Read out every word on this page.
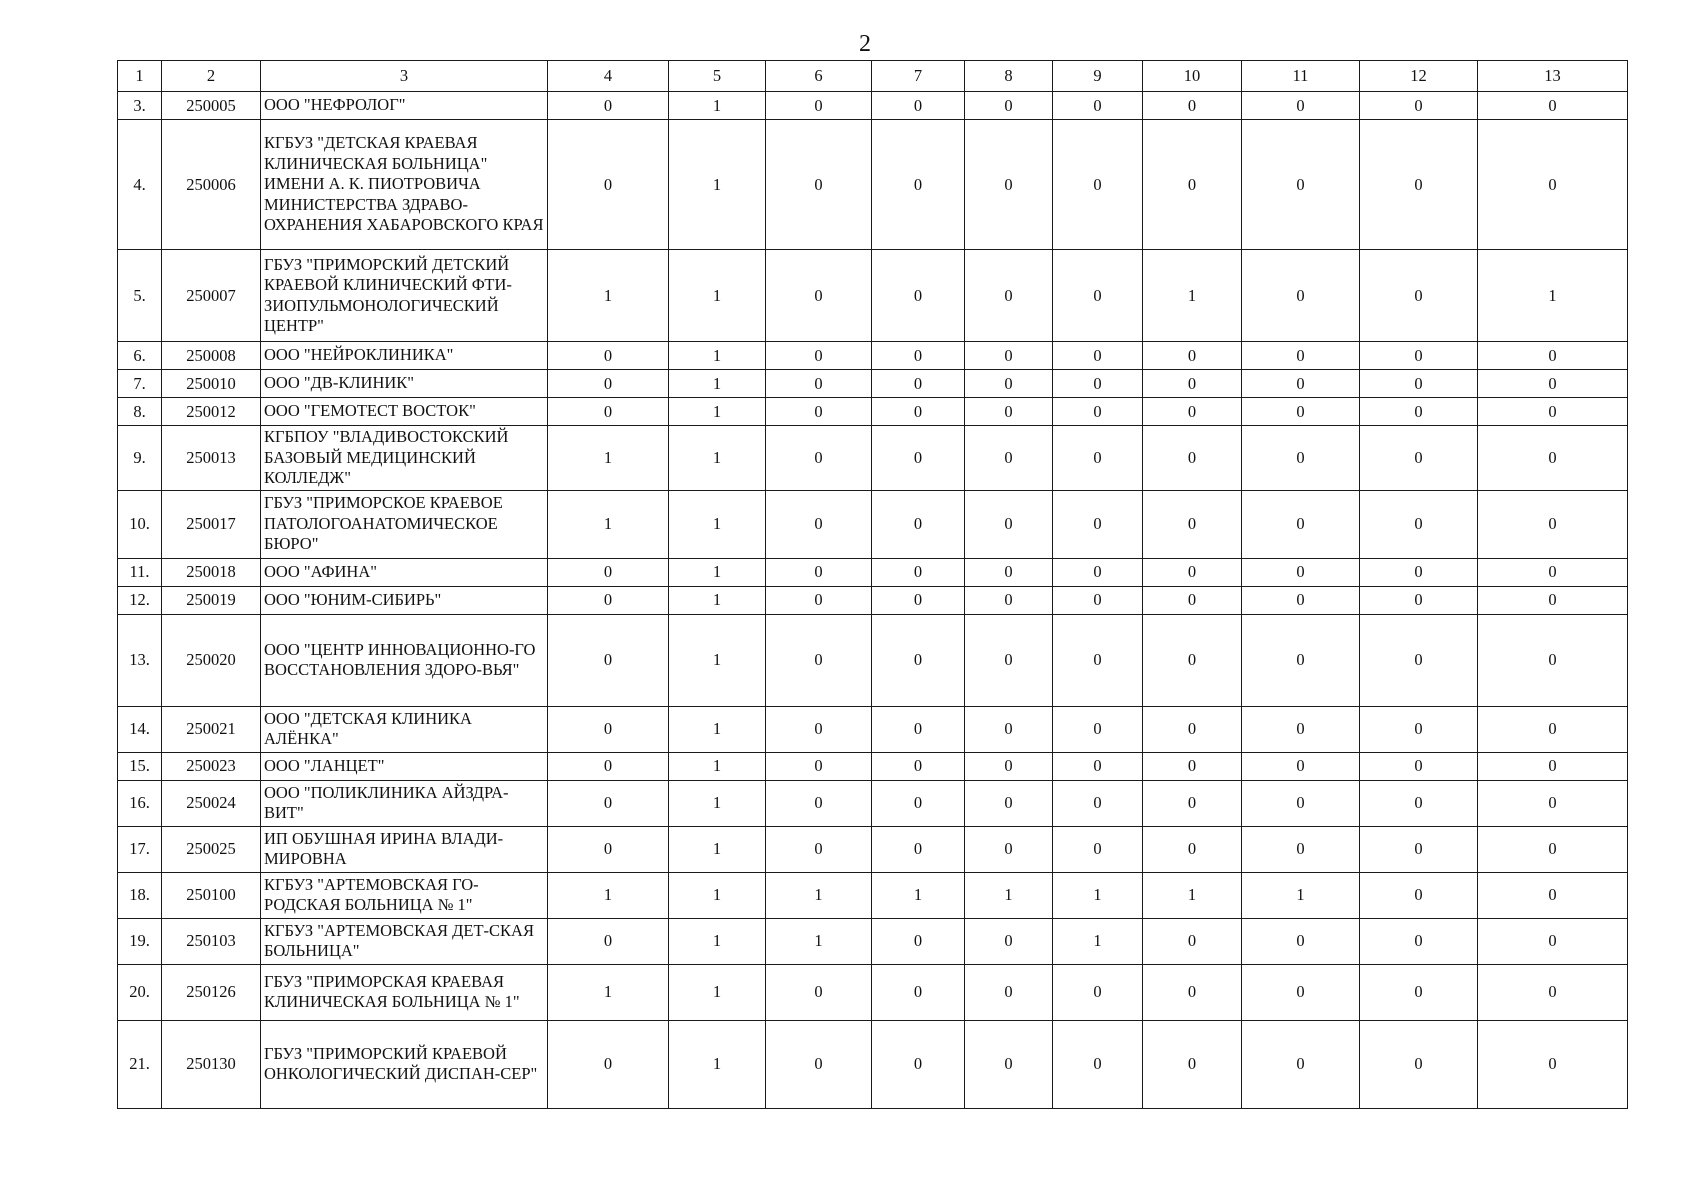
2
1	2	3	4	5	6	7	8	9	10	11	12	13
3.	250005	ООО "НЕФРОЛОГ"	0	1	0	0	0	0	0	0	0	0
4.	250006	КГБУЗ "ДЕТСКАЯ КРАЕВАЯ КЛИНИЧЕСКАЯ БОЛЬНИЦА" ИМЕНИ А. К. ПИОТРОВИЧА МИНИСТЕРСТВА ЗДРАВО-ОХРАНЕНИЯ ХАБАРОВСКОГО КРАЯ	0	1	0	0	0	0	0	0	0	0
5.	250007	ГБУЗ "ПРИМОРСКИЙ ДЕТСКИЙ КРАЕВОЙ КЛИНИЧЕСКИЙ ФТИ-ЗИОПУЛЬМОНОЛОГИЧЕСКИЙ ЦЕНТР"	1	1	0	0	0	0	1	0	0	1
6.	250008	ООО "НЕЙРОКЛИНИКА"	0	1	0	0	0	0	0	0	0	0
7.	250010	ООО "ДВ-КЛИНИК"	0	1	0	0	0	0	0	0	0	0
8.	250012	ООО "ГЕМОТЕСТ ВОСТОК"	0	1	0	0	0	0	0	0	0	0
9.	250013	КГБПОУ "ВЛАДИВОСТОКСКИЙ БАЗОВЫЙ МЕДИЦИНСКИЙ КОЛЛЕДЖ"	1	1	0	0	0	0	0	0	0	0
10.	250017	ГБУЗ "ПРИМОРСКОЕ КРАЕВОЕ ПАТОЛОГОАНАТОМИЧЕСКОЕ БЮРО"	1	1	0	0	0	0	0	0	0	0
11.	250018	ООО "АФИНА"	0	1	0	0	0	0	0	0	0	0
12.	250019	ООО "ЮНИМ-СИБИРЬ"	0	1	0	0	0	0	0	0	0	0
13.	250020	ООО "ЦЕНТР ИННОВАЦИОННО-ГО ВОССТАНОВЛЕНИЯ ЗДОРО-ВЬЯ"	0	1	0	0	0	0	0	0	0	0
14.	250021	ООО "ДЕТСКАЯ КЛИНИКА АЛЁНКА"	0	1	0	0	0	0	0	0	0	0
15.	250023	ООО "ЛАНЦЕТ"	0	1	0	0	0	0	0	0	0	0
16.	250024	ООО "ПОЛИКЛИНИКА АЙЗДРА-ВИТ"	0	1	0	0	0	0	0	0	0	0
17.	250025	ИП ОБУШНАЯ ИРИНА ВЛАДИ-МИРОВНА	0	1	0	0	0	0	0	0	0	0
18.	250100	КГБУЗ "АРТЕМОВСКАЯ ГО-РОДСКАЯ БОЛЬНИЦА № 1"	1	1	1	1	1	1	1	1	0	0
19.	250103	КГБУЗ "АРТЕМОВСКАЯ ДЕТ-СКАЯ БОЛЬНИЦА"	0	1	1	0	0	1	0	0	0	0
20.	250126	ГБУЗ "ПРИМОРСКАЯ КРАЕВАЯ КЛИНИЧЕСКАЯ БОЛЬНИЦА № 1"	1	1	0	0	0	0	0	0	0	0
21.	250130	ГБУЗ "ПРИМОРСКИЙ КРАЕВОЙ ОНКОЛОГИЧЕСКИЙ ДИСПАН-СЕР"	0	1	0	0	0	0	0	0	0	0
